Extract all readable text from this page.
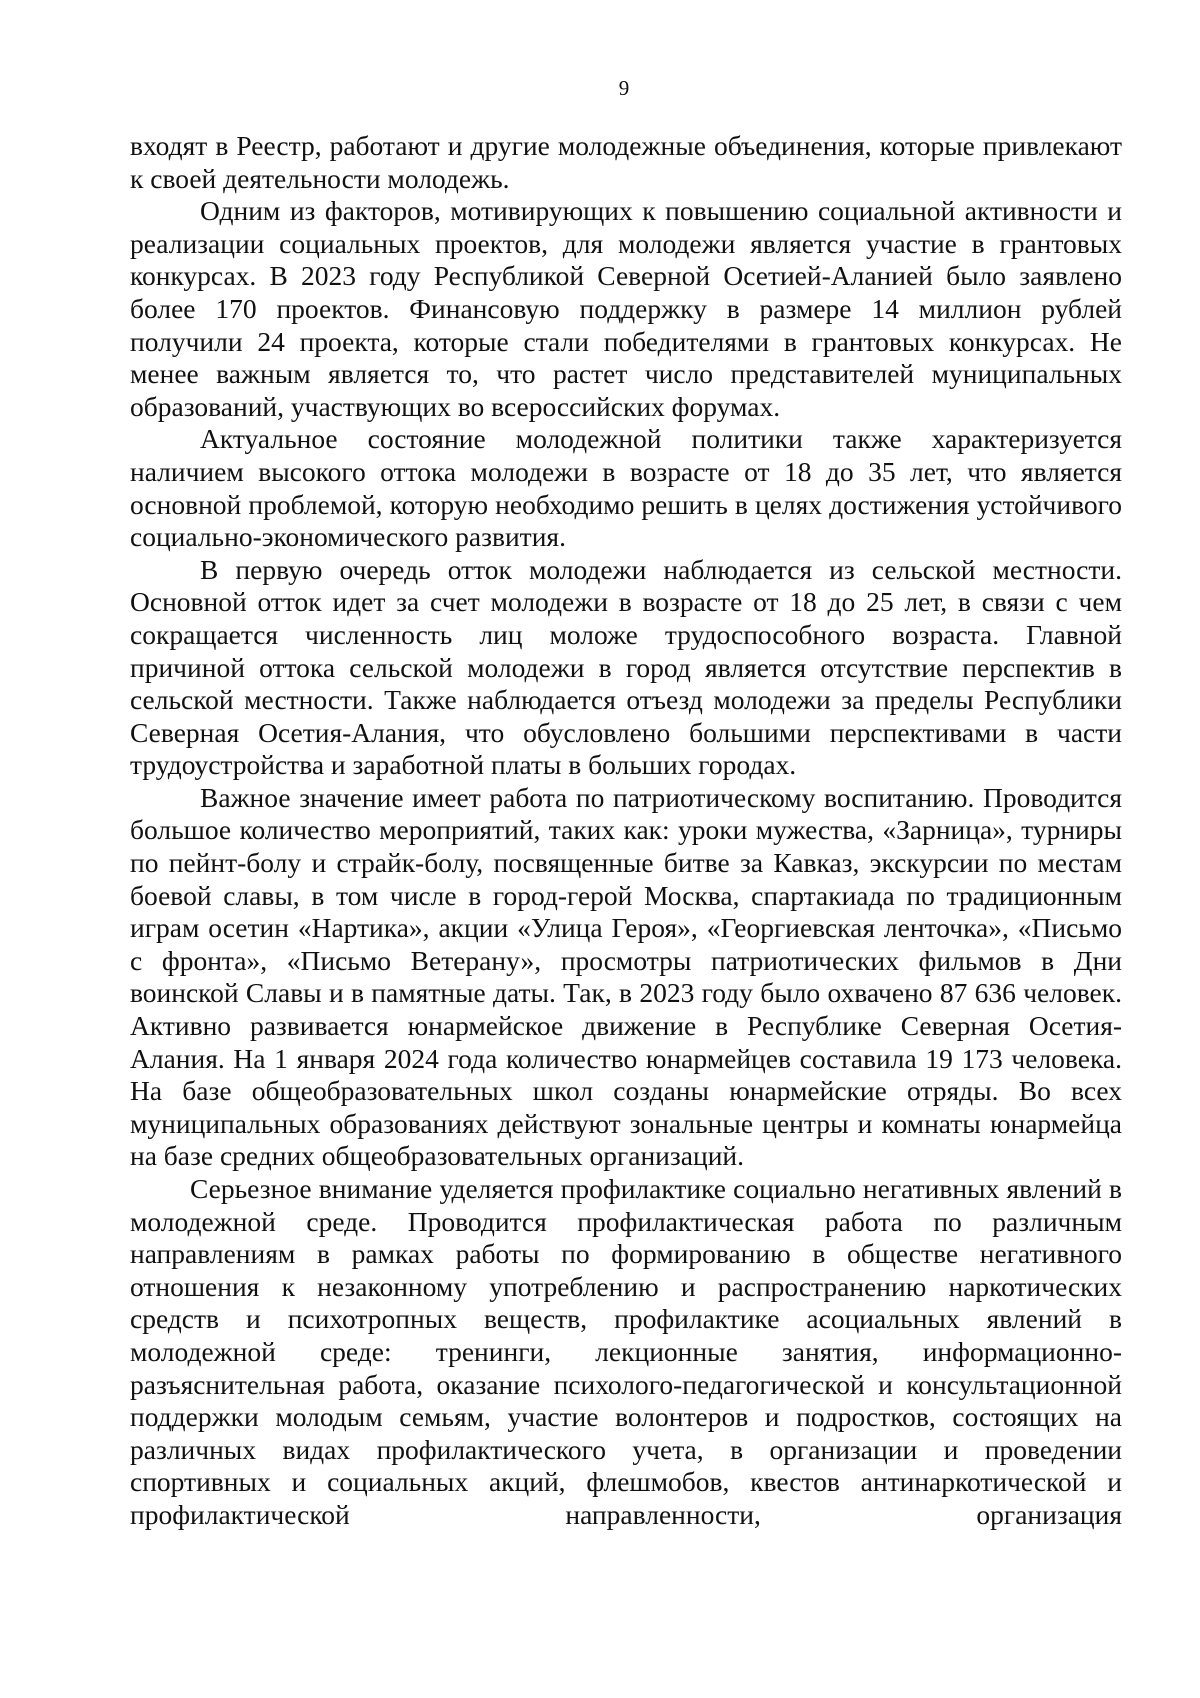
9

входят в Реестр, работают и другие молодежные объединения, которые привлекают к своей деятельности молодежь.

Одним из факторов, мотивирующих к повышению социальной активности и реализации социальных проектов, для молодежи является участие в грантовых конкурсах. В 2023 году Республикой Северной Осетией-Аланией было заявлено более 170 проектов. Финансовую поддержку в размере 14 миллион рублей получили 24 проекта, которые стали победителями в грантовых конкурсах. Не менее важным является то, что растет число представителей муниципальных образований, участвующих во всероссийских форумах.

Актуальное состояние молодежной политики также характеризуется наличием высокого оттока молодежи в возрасте от 18 до 35 лет, что является основной проблемой, которую необходимо решить в целях достижения устойчивого социально-экономического развития.

В первую очередь отток молодежи наблюдается из сельской местности. Основной отток идет за счет молодежи в возрасте от 18 до 25 лет, в связи с чем сокращается численность лиц моложе трудоспособного возраста. Главной причиной оттока сельской молодежи в город является отсутствие перспектив в сельской местности. Также наблюдается отъезд молодежи за пределы Республики Северная Осетия-Алания, что обусловлено большими перспективами в части трудоустройства и заработной платы в больших городах.

Важное значение имеет работа по патриотическому воспитанию. Проводится большое количество мероприятий, таких как: уроки мужества, «Зарница», турниры по пейнт-болу и страйк-болу, посвященные битве за Кавказ, экскурсии по местам боевой славы, в том числе в город-герой Москва, спартакиада по традиционным играм осетин «Нартика», акции «Улица Героя», «Георгиевская ленточка», «Письмо с фронта», «Письмо Ветерану», просмотры патриотических фильмов в Дни воинской Славы и в памятные даты. Так, в 2023 году было охвачено 87 636 человек. Активно развивается юнармейское движение в Республике Северная Осетия-Алания. На 1 января 2024 года количество юнармейцев составила 19 173 человека. На базе общеобразовательных школ созданы юнармейские отряды. Во всех муниципальных образованиях действуют зональные центры и комнаты юнармейца на базе средних общеобразовательных организаций.

Серьезное внимание уделяется профилактике социально негативных явлений в молодежной среде. Проводится профилактическая работа по различным направлениям в рамках работы по формированию в обществе негативного отношения к незаконному употреблению и распространению наркотических средств и психотропных веществ, профилактике асоциальных явлений в молодежной среде: тренинги, лекционные занятия, информационно-разъяснительная работа, оказание психолого-педагогической и консультационной поддержки молодым семьям, участие волонтеров и подростков, состоящих на различных видах профилактического учета, в организации и проведении спортивных и социальных акций, флешмобов, квестов антинаркотической и профилактической направленности, организация
